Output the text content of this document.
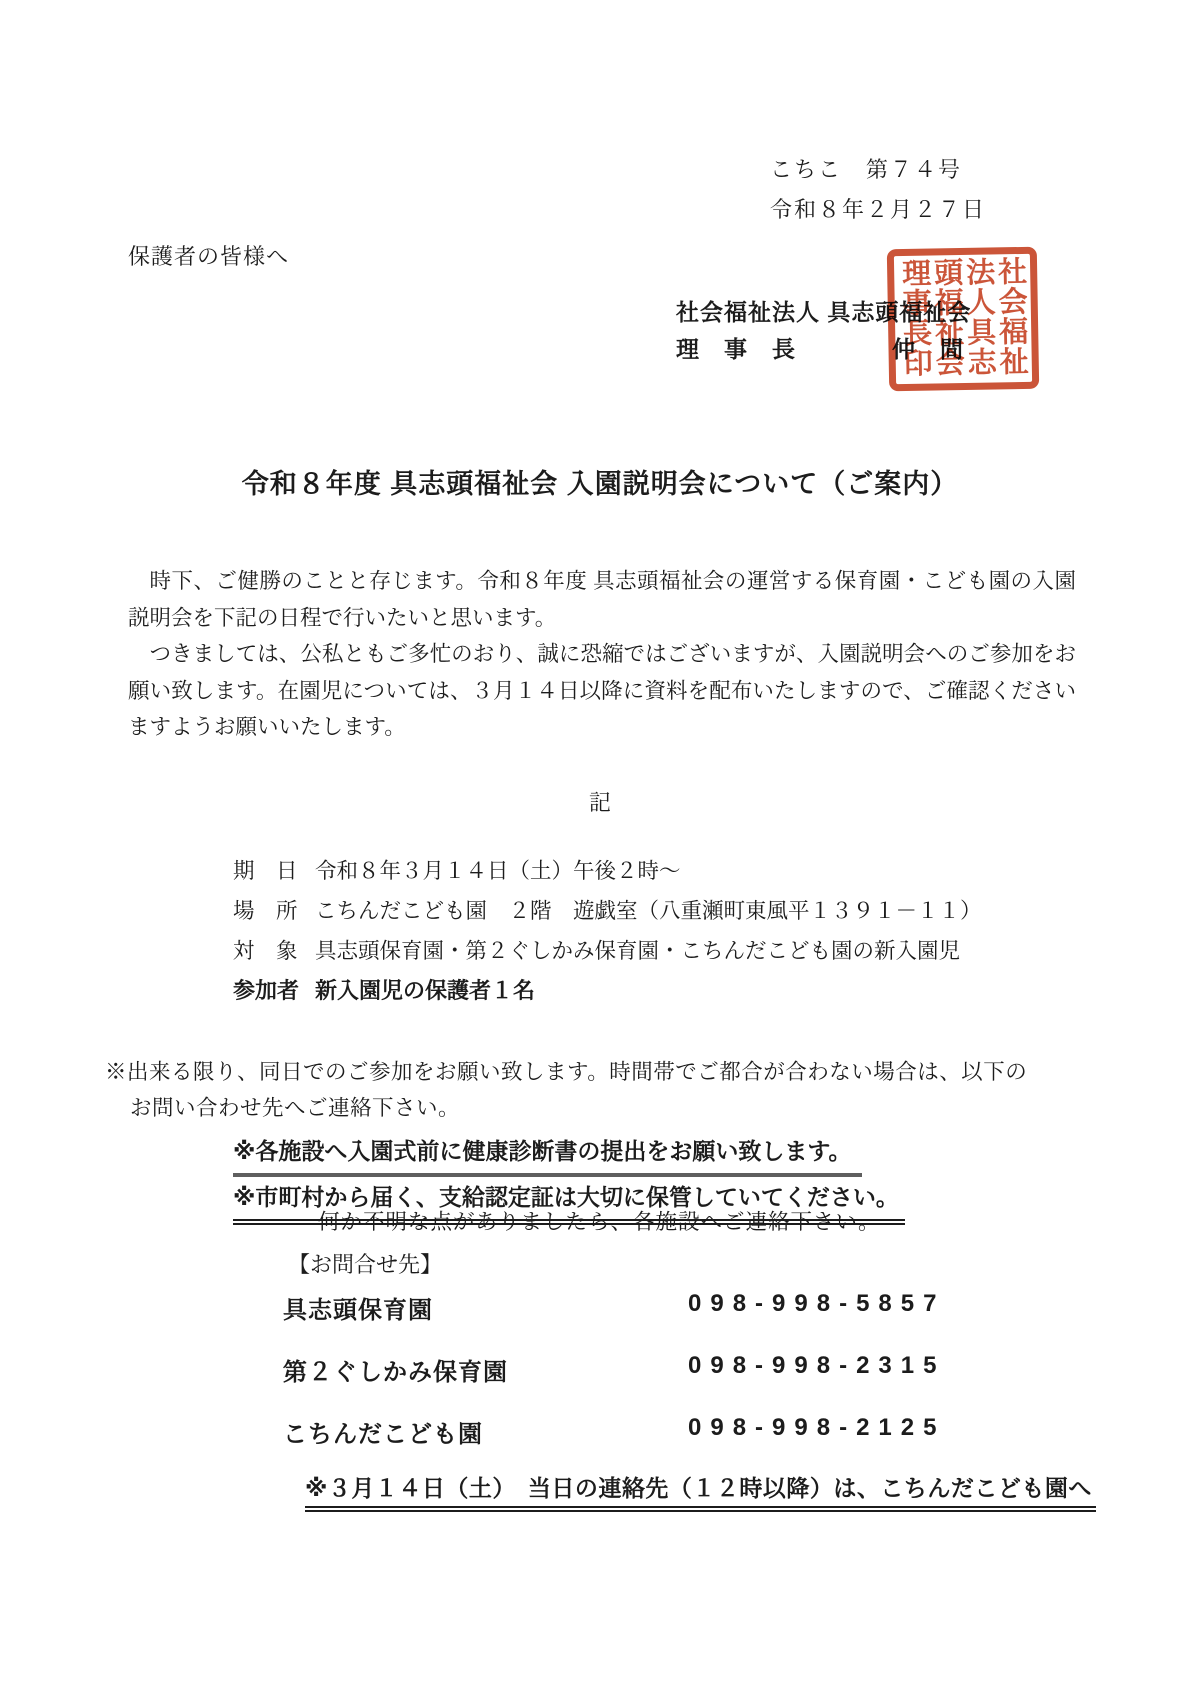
こちこ　第７４号
令和８年２月２７日
保護者の皆様へ
社会福祉法人 具志頭福祉会
理　事　長　　　　仲　間	社会福祉法人具志頭福祉会理事長印
令和８年度 具志頭福祉会 入園説明会について（ご案内）

時下、ご健勝のことと存じます。令和８年度 具志頭福祉会の運営する保育園・こども園の入園説明会を下記の日程で行いたいと思います。

つきましては、公私ともご多忙のおり、誠に恐縮ではございますが、入園説明会へのご参加をお願い致します。在園児については、３月１４日以降に資料を配布いたしますので、ご確認くださいますようお願いいたします。

記
期　日 令和８年３月１４日（土）午後２時～
場　所 こちんだこども園　２階　遊戯室（八重瀬町東風平１３９１－１１）
対　象 具志頭保育園・第２ぐしかみ保育園・こちんだこども園の新入園児
参加者 新入園児の保護者１名
※出来る限り、同日でのご参加をお願い致します。時間帯でご都合が合わない場合は、以下の
お問い合わせ先へご連絡下さい。
※各施設へ入園式前に健康診断書の提出をお願い致します。
※市町村から届く、支給認定証は大切に保管していてください。
何か不明な点がありましたら、各施設へご連絡下さい。
【お問合せ先】
具志頭保育園	098-998-5857
第２ぐしかみ保育園	098-998-2315
こちんだこども園	098-998-2125
※３月１４日（土）　当日の連絡先（１２時以降）は、こちんだこども園へ
